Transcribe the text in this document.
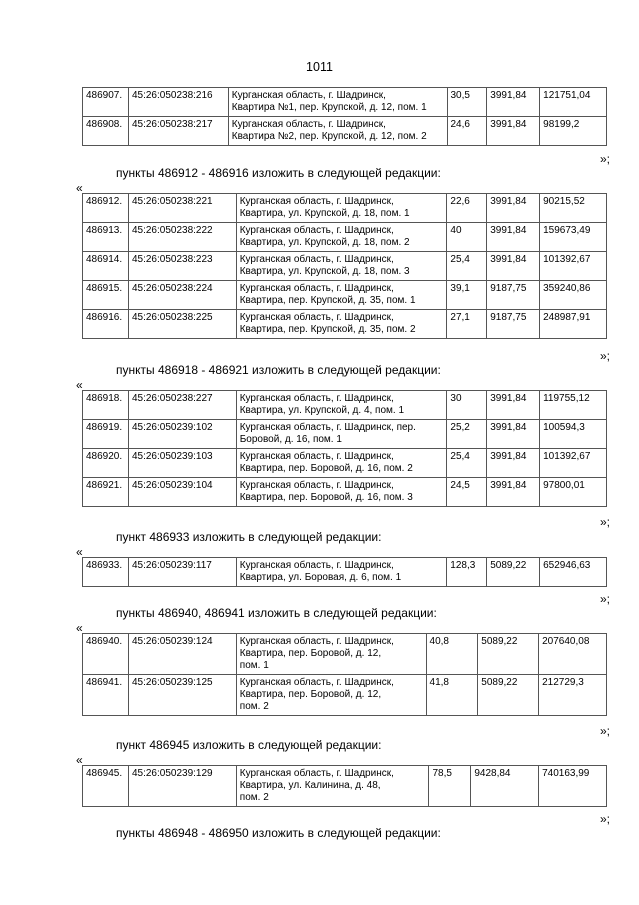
1011
486907.	45:26:050238:216	Курганская область, г. Шадринск,
Квартира №1, пер. Крупской, д. 12, пом. 1	30,5	3991,84	121751,04
486908.	45:26:050238:217	Курганская область, г. Шадринск,
Квартира №2, пер. Крупской, д. 12, пом. 2	24,6	3991,84	98199,2
»;
пункты 486912 - 486916 изложить в следующей редакции:
«
486912.	45:26:050238:221	Курганская область, г. Шадринск,
Квартира, ул. Крупской, д. 18, пом. 1	22,6	3991,84	90215,52
486913.	45:26:050238:222	Курганская область, г. Шадринск,
Квартира, ул. Крупской, д. 18, пом. 2	40	3991,84	159673,49
486914.	45:26:050238:223	Курганская область, г. Шадринск,
Квартира, ул. Крупской, д. 18, пом. 3	25,4	3991,84	101392,67
486915.	45:26:050238:224	Курганская область, г. Шадринск,
Квартира, пер. Крупской, д. 35, пом. 1	39,1	9187,75	359240,86
486916.	45:26:050238:225	Курганская область, г. Шадринск,
Квартира, пер. Крупской, д. 35, пом. 2	27,1	9187,75	248987,91
»;
пункты 486918 - 486921 изложить в следующей редакции:
«
486918.	45:26:050238:227	Курганская область, г. Шадринск,
Квартира, ул. Крупской, д. 4, пом. 1	30	3991,84	119755,12
486919.	45:26:050239:102	Курганская область, г. Шадринск, пер.
Боровой, д. 16, пом. 1	25,2	3991,84	100594,3
486920.	45:26:050239:103	Курганская область, г. Шадринск,
Квартира, пер. Боровой, д. 16, пом. 2	25,4	3991,84	101392,67
486921.	45:26:050239:104	Курганская область, г. Шадринск,
Квартира, пер. Боровой, д. 16, пом. 3	24,5	3991,84	97800,01
»;
пункт 486933 изложить в следующей редакции:
«
486933.	45:26:050239:117	Курганская область, г. Шадринск,
Квартира, ул. Боровая, д. 6, пом. 1
	128,3	5089,22	652946,63
»;
пункты 486940, 486941 изложить в следующей редакции:
«
486940.	45:26:050239:124	Курганская область, г. Шадринск,
Квартира, пер. Боровой, д. 12,
пом. 1	40,8	5089,22	207640,08
486941.	45:26:050239:125	Курганская область, г. Шадринск,
Квартира, пер. Боровой, д. 12,
пом. 2	41,8	5089,22	212729,3
»;
пункт 486945 изложить в следующей редакции:
«
486945.	45:26:050239:129	Курганская область, г. Шадринск,
Квартира, ул. Калинина, д. 48,
пом. 2
	78,5	9428,84	740163,99
»;
пункты 486948 - 486950 изложить в следующей редакции:
